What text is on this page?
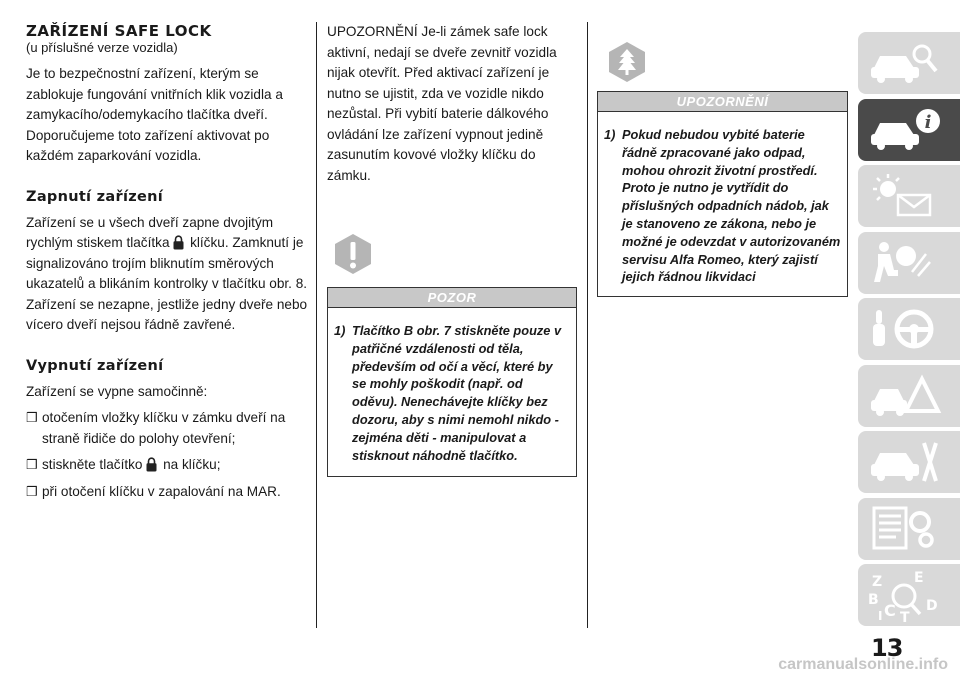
ZAŘÍZENÍ SAFE LOCK
(u příslušné verze vozidla)

Je to bezpečnostní zařízení, kterým se zablokuje fungování vnitřních klik vozidla a zamykacího/odemykacího tlačítka dveří. Doporučujeme toto zařízení aktivovat po každém zaparkování vozidla.

Zapnutí zařízení

Zařízení se u všech dveří zapne dvojitým rychlým stiskem tlačítka klíčku. Zamknutí je signalizováno trojím bliknutím směrových ukazatelů a blikáním kontrolky v tlačítku obr. 8. Zařízení se nezapne, jestliže jedny dveře nebo vícero dveří nejsou řádně zavřené.

Vypnutí zařízení

Zařízení se vypne samočinně:

❒ otočením vložky klíčku v zámku dveří na straně řidiče do polohy otevření;
❒ stiskněte tlačítko na klíčku;
❒ při otočení klíčku v zapalování na MAR.

UPOZORNĚNÍ Je-li zámek safe lock aktivní, nedají se dveře zevnitř vozidla nijak otevřít. Před aktivací zařízení je nutno se ujistit, zda ve vozidle nikdo nezůstal. Při vybití baterie dálkového ovládání lze zařízení vypnout jedině zasunutím kovové vložky klíčku do zámku.

POZOR
1) Tlačítko B obr. 7 stiskněte pouze v patřičné vzdálenosti od těla, především od očí a věcí, které by se mohly poškodit (např. od oděvu). Nenechávejte klíčky bez dozoru, aby s nimi nemohl nikdo - zejména děti - manipulovat a stisknout náhodně tlačítko.
UPOZORNĚNÍ
1) Pokud nebudou vybité baterie řádně zpracované jako odpad, mohou ohrozit životní prostředí. Proto je nutno je vytřídit do příslušných odpadních nádob, jak je stanoveno ze zákona, nebo je možné je odevzdat v autorizovaném servisu Alfa Romeo, který zajistí jejich řádnou likvidaci
i
Z E
B	D
C T
I
13
carmanualsonline.info
